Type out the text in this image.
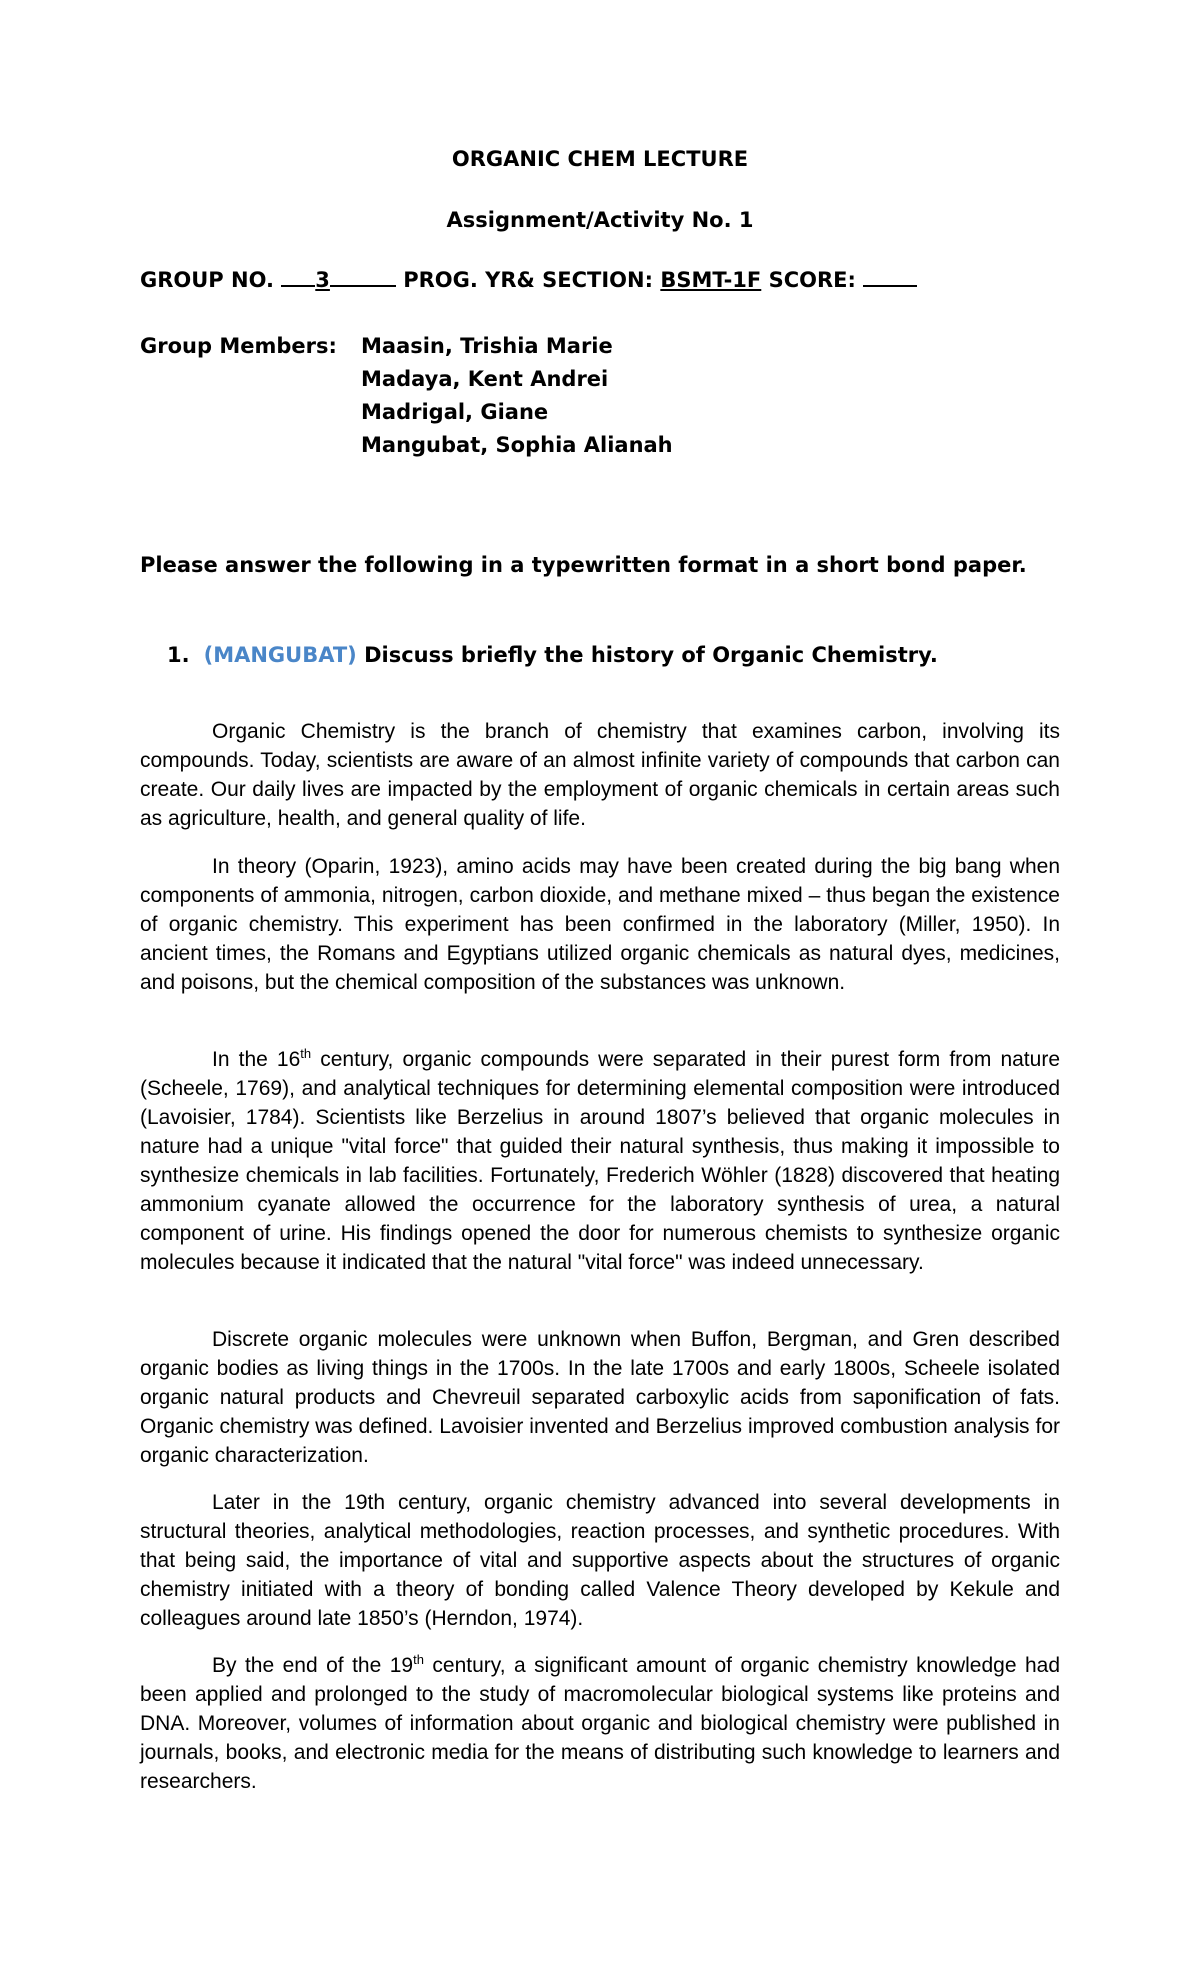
ORGANIC CHEM LECTURE
Assignment/Activity No. 1
GROUP NO. 3	PROG. YR& SECTION: BSMT-1F SCORE:
Group Members: Maasin, Trishia Marie
Madaya, Kent Andrei
Madrigal, Giane
Mangubat, Sophia Alianah
Please answer the following in a typewritten format in a short bond paper.
1. (MANGUBAT) Discuss briefly the history of Organic Chemistry.

Organic Chemistry is the branch of chemistry that examines carbon, involving its compounds. Today, scientists are aware of an almost infinite variety of compounds that carbon can create. Our daily lives are impacted by the employment of organic chemicals in certain areas such as agriculture, health, and general quality of life.

In theory (Oparin, 1923), amino acids may have been created during the big bang when components of ammonia, nitrogen, carbon dioxide, and methane mixed – thus began the existence of organic chemistry. This experiment has been confirmed in the laboratory (Miller, 1950). In ancient times, the Romans and Egyptians utilized organic chemicals as natural dyes, medicines, and poisons, but the chemical composition of the substances was unknown.

In the 16th century, organic compounds were separated in their purest form from nature (Scheele, 1769), and analytical techniques for determining elemental composition were introduced (Lavoisier, 1784). Scientists like Berzelius in around 1807’s believed that organic molecules in nature had a unique "vital force" that guided their natural synthesis, thus making it impossible to synthesize chemicals in lab facilities. Fortunately, Frederich Wöhler (1828) discovered that heating ammonium cyanate allowed the occurrence for the laboratory synthesis of urea, a natural component of urine. His findings opened the door for numerous chemists to synthesize organic molecules because it indicated that the natural "vital force" was indeed unnecessary.

Discrete organic molecules were unknown when Buffon, Bergman, and Gren described organic bodies as living things in the 1700s. In the late 1700s and early 1800s, Scheele isolated organic natural products and Chevreuil separated carboxylic acids from saponification of fats. Organic chemistry was defined. Lavoisier invented and Berzelius improved combustion analysis for organic characterization.

Later in the 19th century, organic chemistry advanced into several developments in structural theories, analytical methodologies, reaction processes, and synthetic procedures. With that being said, the importance of vital and supportive aspects about the structures of organic chemistry initiated with a theory of bonding called Valence Theory developed by Kekule and colleagues around late 1850’s (Herndon, 1974).

By the end of the 19th century, a significant amount of organic chemistry knowledge had been applied and prolonged to the study of macromolecular biological systems like proteins and DNA. Moreover, volumes of information about organic and biological chemistry were published in journals, books, and electronic media for the means of distributing such knowledge to learners and researchers.
